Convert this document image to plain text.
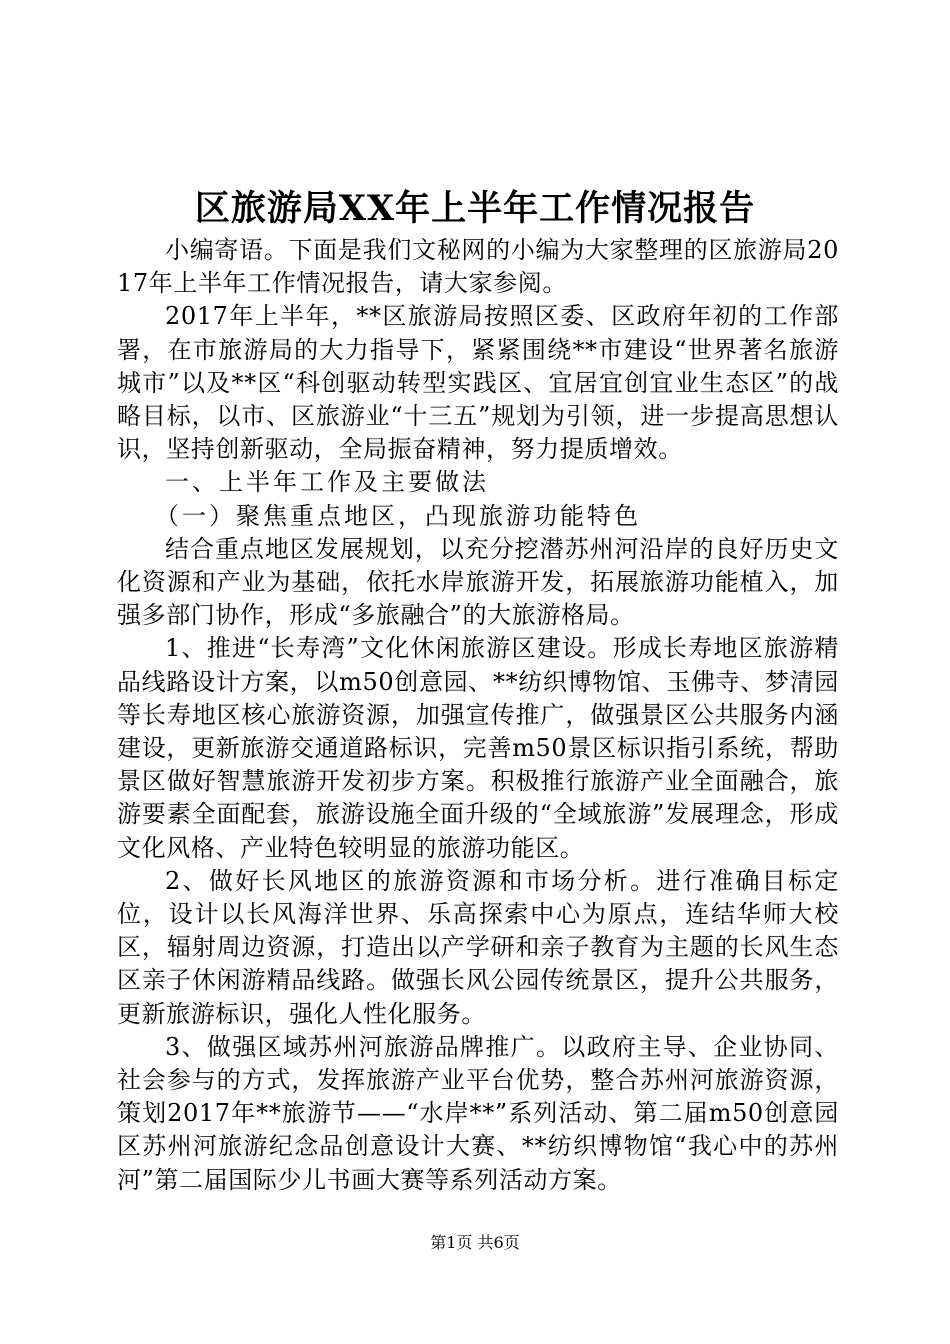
区旅游局XX年上半年工作情况报告

小编寄语。下面是我们文秘网的小编为大家整理的区旅游局2017年上半年工作情况报告，请大家参阅。

2017年上半年，**区旅游局按照区委、区政府年初的工作部署，在市旅游局的大力指导下，紧紧围绕**市建设“世界著名旅游城市”以及**区“科创驱动转型实践区、宜居宜创宜业生态区”的战略目标，以市、区旅游业“十三五”规划为引领，进一步提高思想认识，坚持创新驱动，全局振奋精神，努力提质增效。

一、上半年工作及主要做法

（一）聚焦重点地区，凸现旅游功能特色

结合重点地区发展规划，以充分挖潜苏州河沿岸的良好历史文化资源和产业为基础，依托水岸旅游开发，拓展旅游功能植入，加强多部门协作，形成“多旅融合”的大旅游格局。

1、推进“长寿湾”文化休闲旅游区建设。形成长寿地区旅游精品线路设计方案，以m50创意园、**纺织博物馆、玉佛寺、梦清园等长寿地区核心旅游资源，加强宣传推广，做强景区公共服务内涵建设，更新旅游交通道路标识，完善m50景区标识指引系统，帮助景区做好智慧旅游开发初步方案。积极推行旅游产业全面融合，旅游要素全面配套，旅游设施全面升级的“全域旅游”发展理念，形成文化风格、产业特色较明显的旅游功能区。

2、做好长风地区的旅游资源和市场分析。进行准确目标定位，设计以长风海洋世界、乐高探索中心为原点，连结华师大校区，辐射周边资源，打造出以产学研和亲子教育为主题的长风生态区亲子休闲游精品线路。做强长风公园传统景区，提升公共服务，更新旅游标识，强化人性化服务。

3、做强区域苏州河旅游品牌推广。以政府主导、企业协同、社会参与的方式，发挥旅游产业平台优势，整合苏州河旅游资源，策划2017年**旅游节——“水岸**”系列活动、第二届m50创意园区苏州河旅游纪念品创意设计大赛、**纺织博物馆“我心中的苏州河”第二届国际少儿书画大赛等系列活动方案。

第1页 共6页
